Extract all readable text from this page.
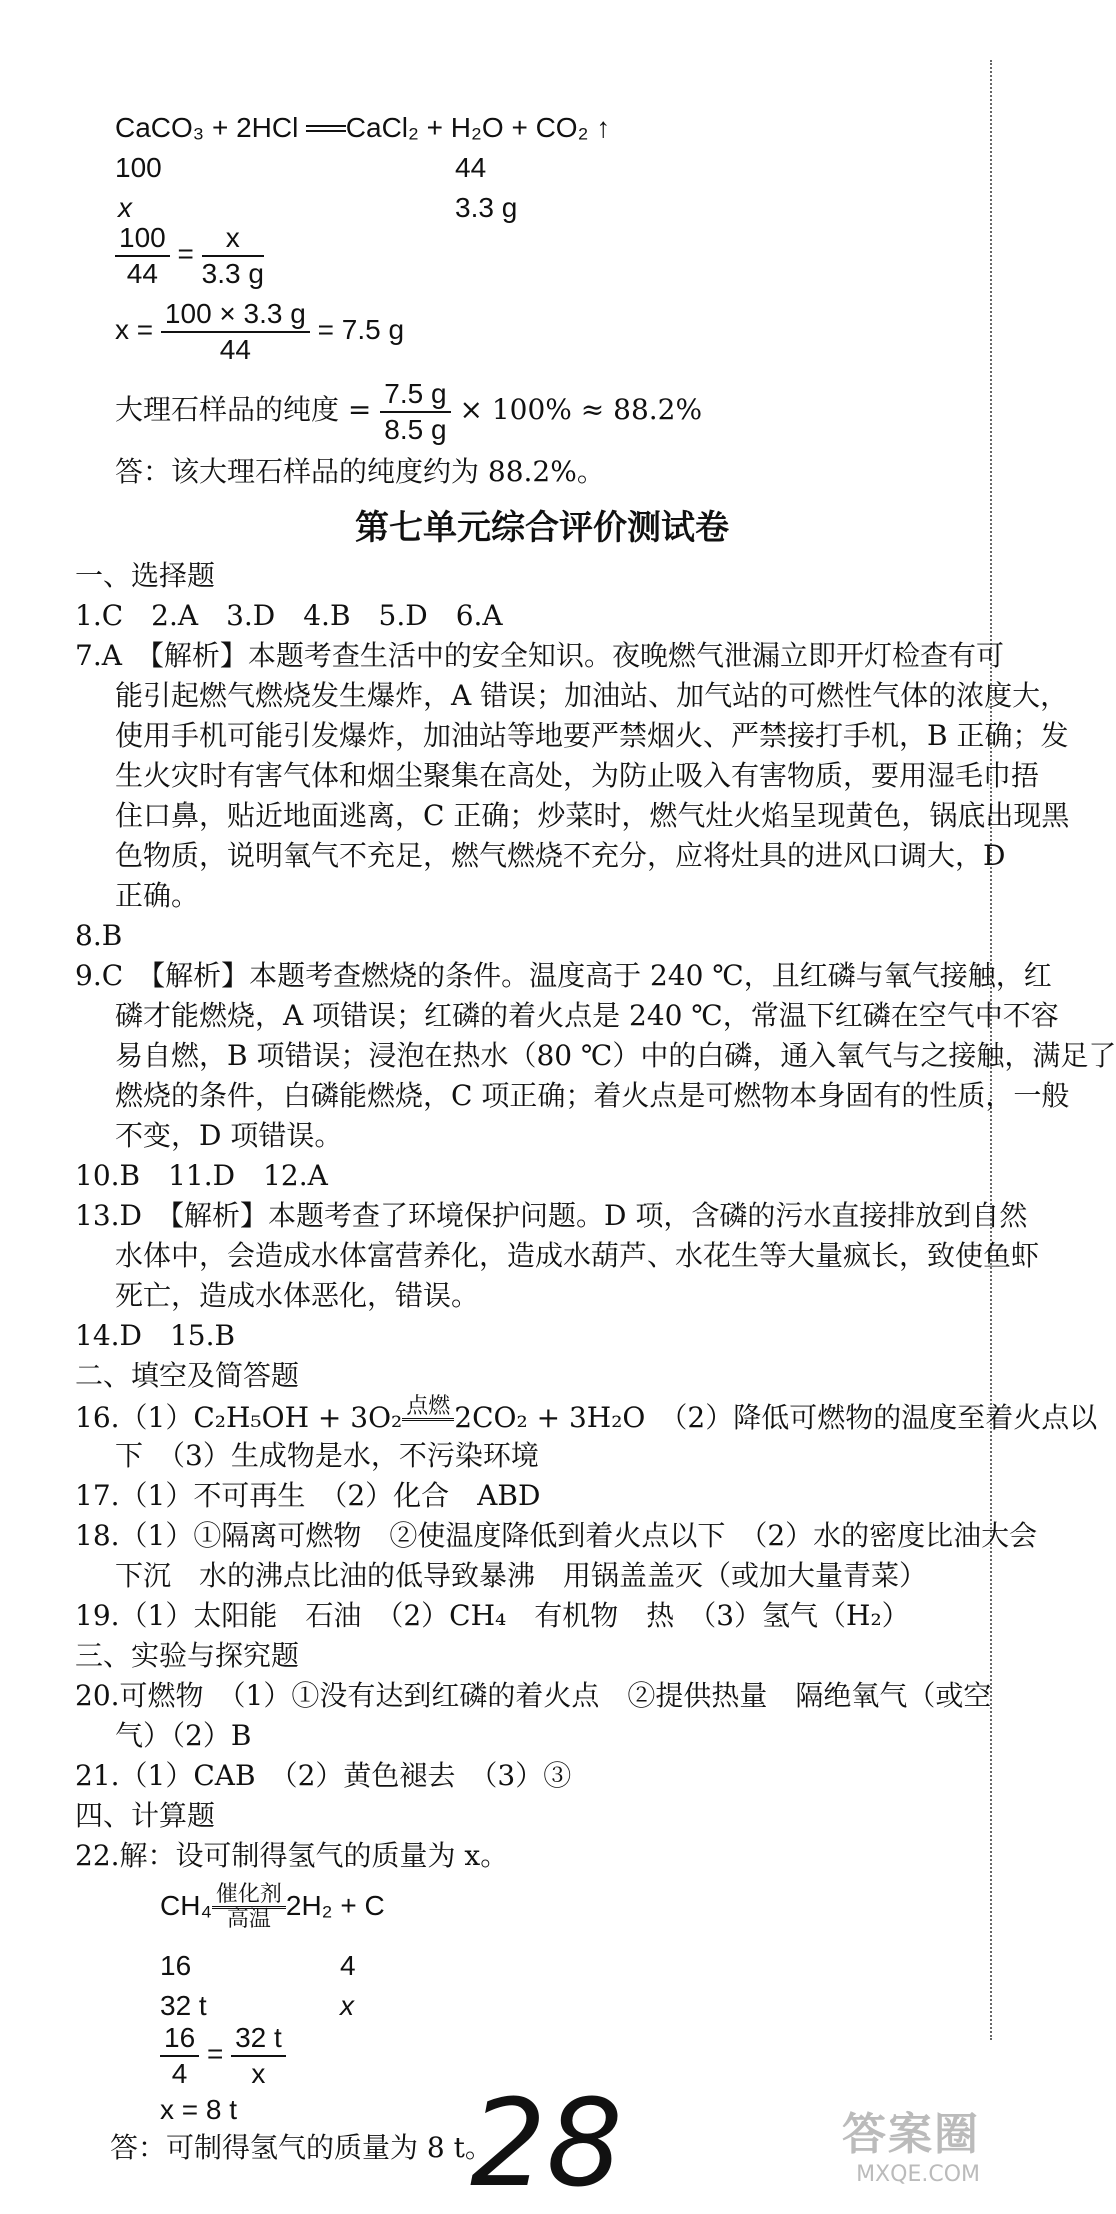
CaCO₃ + 2HCl ══CaCl₂ + H₂O + CO₂ ↑
100	44
x	3.3 g
$\frac{100}{44} = \frac{x}{3.3 g}$
$x = \frac{100 \times 3.3 g}{44} = 7.5$ g
大理石样品的纯度 = $\frac{7.5 g}{8.5 g} \times 100\% \approx 88.2\%$
答：该大理石样品的纯度约为 88.2%。
第七单元综合评价测试卷
一、选择题
1.C　2.A　3.D　4.B　5.D　6.A
7.A　【解析】本题考查生活中的安全知识。夜晚燃气泄漏立即开灯检查有可
能引起燃气燃烧发生爆炸，A 错误；加油站、加气站的可燃性气体的浓度大，
使用手机可能引发爆炸，加油站等地要严禁烟火、严禁接打手机，B 正确；发
生火灾时有害气体和烟尘聚集在高处，为防止吸入有害物质，要用湿毛巾捂
住口鼻，贴近地面逃离，C 正确；炒菜时，燃气灶火焰呈现黄色，锅底出现黑
色物质，说明氧气不充足，燃气燃烧不充分，应将灶具的进风口调大，D
正确。
8.B
9.C　【解析】本题考查燃烧的条件。温度高于 240 ℃，且红磷与氧气接触，红
磷才能燃烧，A 项错误；红磷的着火点是 240 ℃，常温下红磷在空气中不容
易自燃，B 项错误；浸泡在热水（80 ℃）中的白磷，通入氧气与之接触，满足了
燃烧的条件，白磷能燃烧，C 项正确；着火点是可燃物本身固有的性质，一般
不变，D 项错误。
10.B　11.D　12.A
13.D　【解析】本题考查了环境保护问题。D 项，含磷的污水直接排放到自然
水体中，会造成水体富营养化，造成水葫芦、水花生等大量疯长，致使鱼虾
死亡，造成水体恶化，错误。
14.D　15.B
二、填空及简答题
16.（1）C₂H₅OH + 3O₂ 点燃
2CO₂ + 3H₂O　（2）降低可燃物的温度至着火点以
下　（3）生成物是水，不污染环境
17.（1）不可再生　（2）化合　ABD
18.（1）①隔离可燃物　②使温度降低到着火点以下　（2）水的密度比油大会
下沉　水的沸点比油的低导致暴沸　用锅盖盖灭（或加大量青菜）
19.（1）太阳能　石油　（2）CH₄　有机物　热　（3）氢气（H₂）
三、实验与探究题
20.可燃物　（1）①没有达到红磷的着火点　②提供热量　隔绝氧气（或空
气）（2）B
21.（1）CAB　（2）黄色褪去　（3）③
四、计算题
22.解：设可制得氢气的质量为 x。
CH₄ 催化剂
高温 2H₂ + C
16	4
32 t	x
$\frac{16}{4} = \frac{32 t}{x}$
x = 8 t
答：可制得氢气的质量为 8 t。
28	答案圈
MXQE.COM
